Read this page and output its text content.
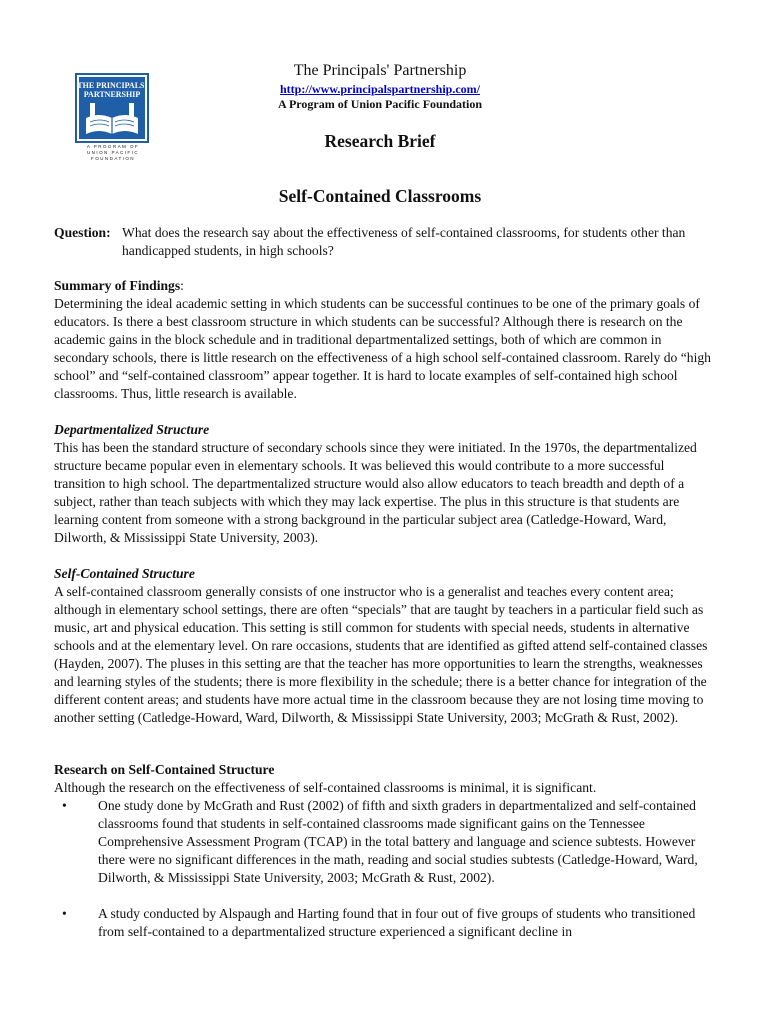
THE PRINCIPALS'
PARTNERSHIP
A PROGRAM OF
UNION PACIFIC
FOUNDATION
The Principals' Partnership
http://www.principalspartnership.com/
A Program of Union Pacific Foundation
Research Brief
Self-Contained Classrooms
Question: What does the research say about the effectiveness of self-contained classrooms, for students other than handicapped students, in high schools?

Summary of Findings:

Determining the ideal academic setting in which students can be successful continues to be one of the primary goals of educators. Is there a best classroom structure in which students can be successful? Although there is research on the academic gains in the block schedule and in traditional departmentalized settings, both of which are common in secondary schools, there is little research on the effectiveness of a high school self-contained classroom. Rarely do “high school” and “self-contained classroom” appear together. It is hard to locate examples of self-contained high school classrooms. Thus, little research is available.

Departmentalized Structure

This has been the standard structure of secondary schools since they were initiated. In the 1970s, the departmentalized structure became popular even in elementary schools. It was believed this would contribute to a more successful transition to high school. The departmentalized structure would also allow educators to teach breadth and depth of a subject, rather than teach subjects with which they may lack expertise. The plus in this structure is that students are learning content from someone with a strong background in the particular subject area (Catledge-Howard, Ward, Dilworth, & Mississippi State University, 2003).

Self-Contained Structure

A self-contained classroom generally consists of one instructor who is a generalist and teaches every content area; although in elementary school settings, there are often “specials” that are taught by teachers in a particular field such as music, art and physical education. This setting is still common for students with special needs, students in alternative schools and at the elementary level. On rare occasions, students that are identified as gifted attend self-contained classes (Hayden, 2007). The pluses in this setting are that the teacher has more opportunities to learn the strengths, weaknesses and learning styles of the students; there is more flexibility in the schedule; there is a better chance for integration of the different content areas; and students have more actual time in the classroom because they are not losing time moving to another setting (Catledge-Howard, Ward, Dilworth, & Mississippi State University, 2003; McGrath & Rust, 2002).

Research on Self-Contained Structure

Although the research on the effectiveness of self-contained classrooms is minimal, it is significant.

• One study done by McGrath and Rust (2002) of fifth and sixth graders in departmentalized and self-contained classrooms found that students in self-contained classrooms made significant gains on the Tennessee Comprehensive Assessment Program (TCAP) in the total battery and language and science subtests. However there were no significant differences in the math, reading and social studies subtests (Catledge-Howard, Ward, Dilworth, & Mississippi State University, 2003; McGrath & Rust, 2002).
• A study conducted by Alspaugh and Harting found that in four out of five groups of students who transitioned from self-contained to a departmentalized structure experienced a significant decline in
